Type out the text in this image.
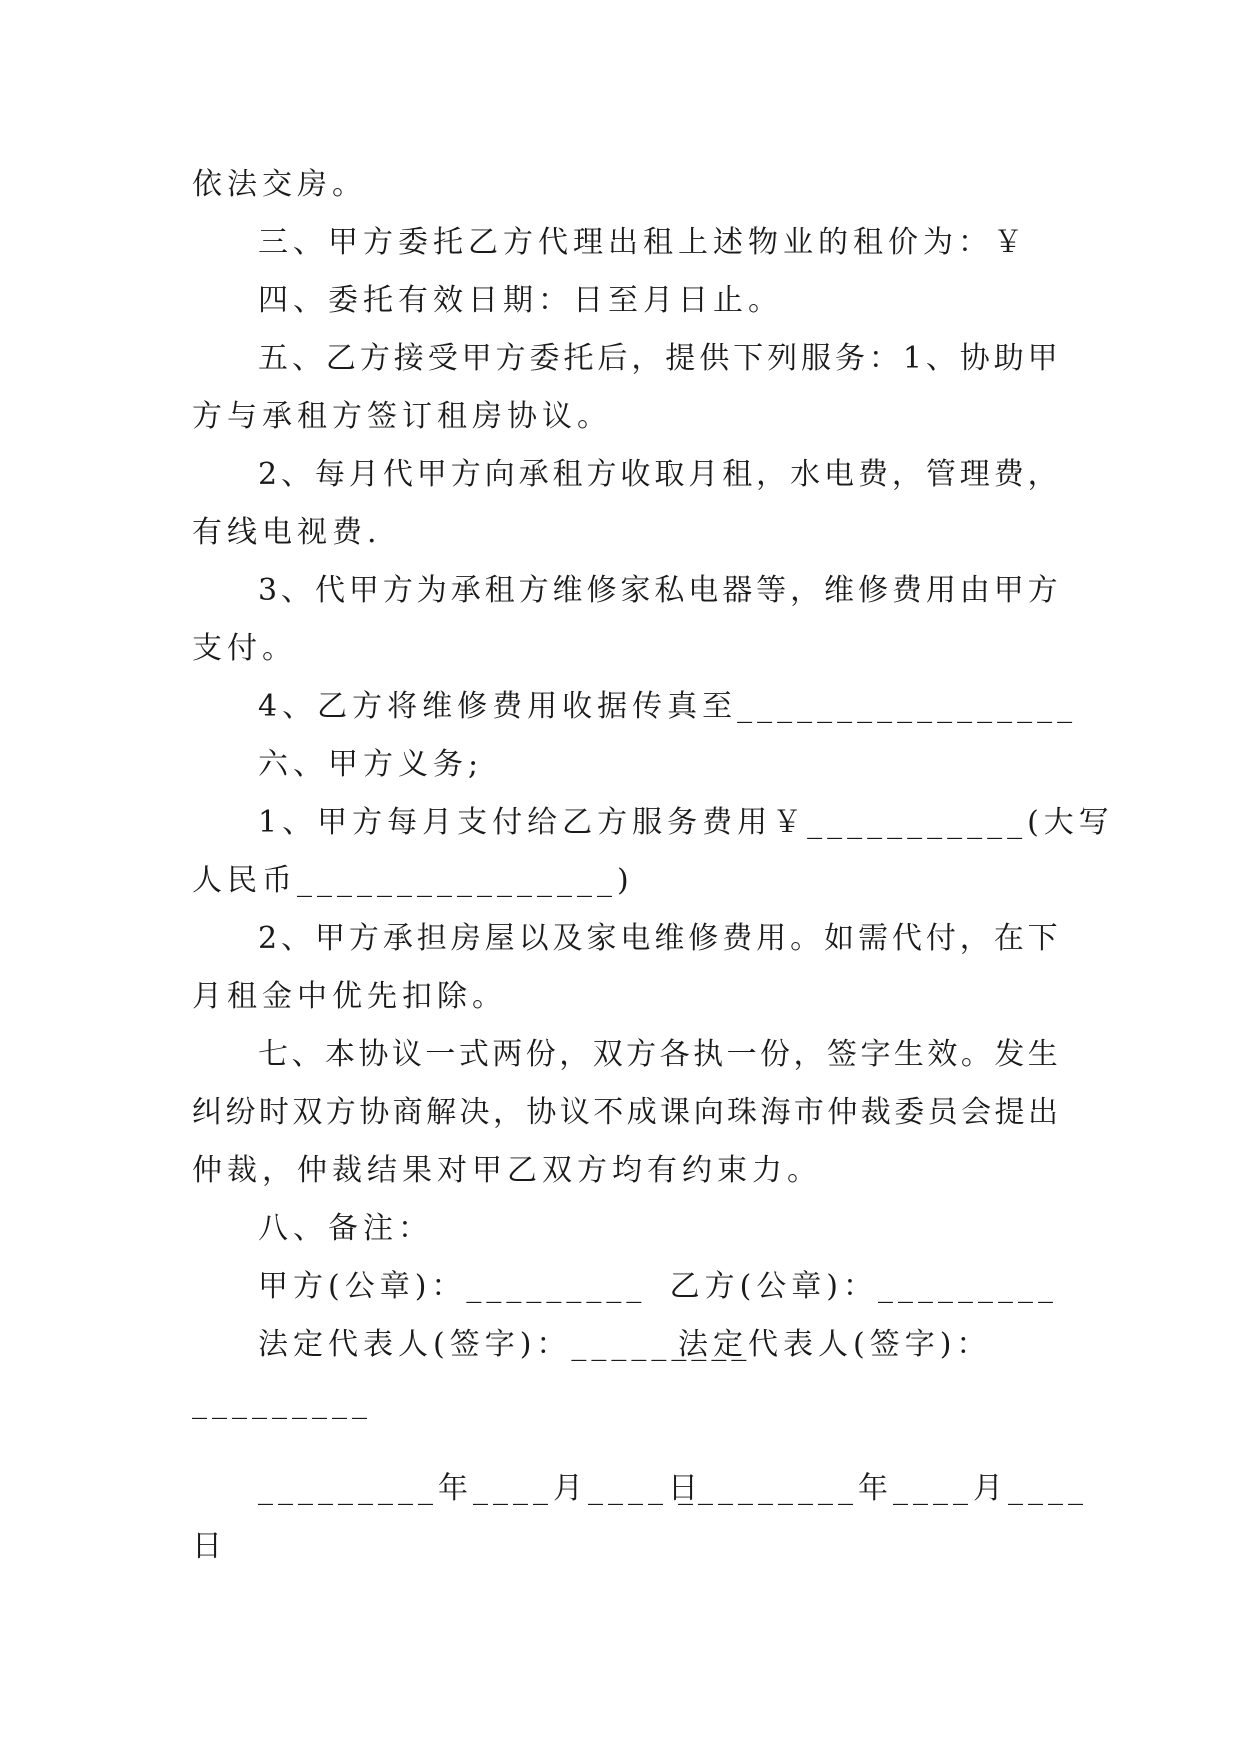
依法交房。
三、甲方委托乙方代理出租上述物业的租价为：￥
四、委托有效日期：日至月日止。
五 、 乙 方 接 受 甲 方 委 托 后 ， 提 供 下 列 服 务 ： 1 、 协 助 甲
方与承租方签订租房协议。
2 、 每 月 代 甲 方 向 承 租 方 收 取 月 租 ， 水 电 费 ， 管 理 费 ，
有线电视费.
3 、 代 甲 方 为 承 租 方 维 修 家 私 电 器 等 ， 维 修 费 用 由 甲 方
支付。
4、乙方将维修费用收据传真至_________________
六、甲方义务;
1、甲方每月支付给乙方服务费用￥___________(大写
人民币________________)
2 、 甲 方 承 担 房 屋 以 及 家 电 维 修 费 用 。 如 需 代 付 ， 在 下
月租金中优先扣除。
七 、 本 协 议 一 式 两 份 ， 双 方 各 执 一 份 ， 签 字 生 效 。 发 生
纠 纷 时 双 方 协 商 解 决 ， 协 议 不 成 课 向 珠 海 市 仲 裁 委 员 会 提 出
仲裁，仲裁结果对甲乙双方均有约束力。
八、备注：
甲方(公章)：_________ 乙方(公章)：_________
法定代表人(签字)：_________
法定代表人(签字)：
_________
_________年____月____日
_________年____月____
日
